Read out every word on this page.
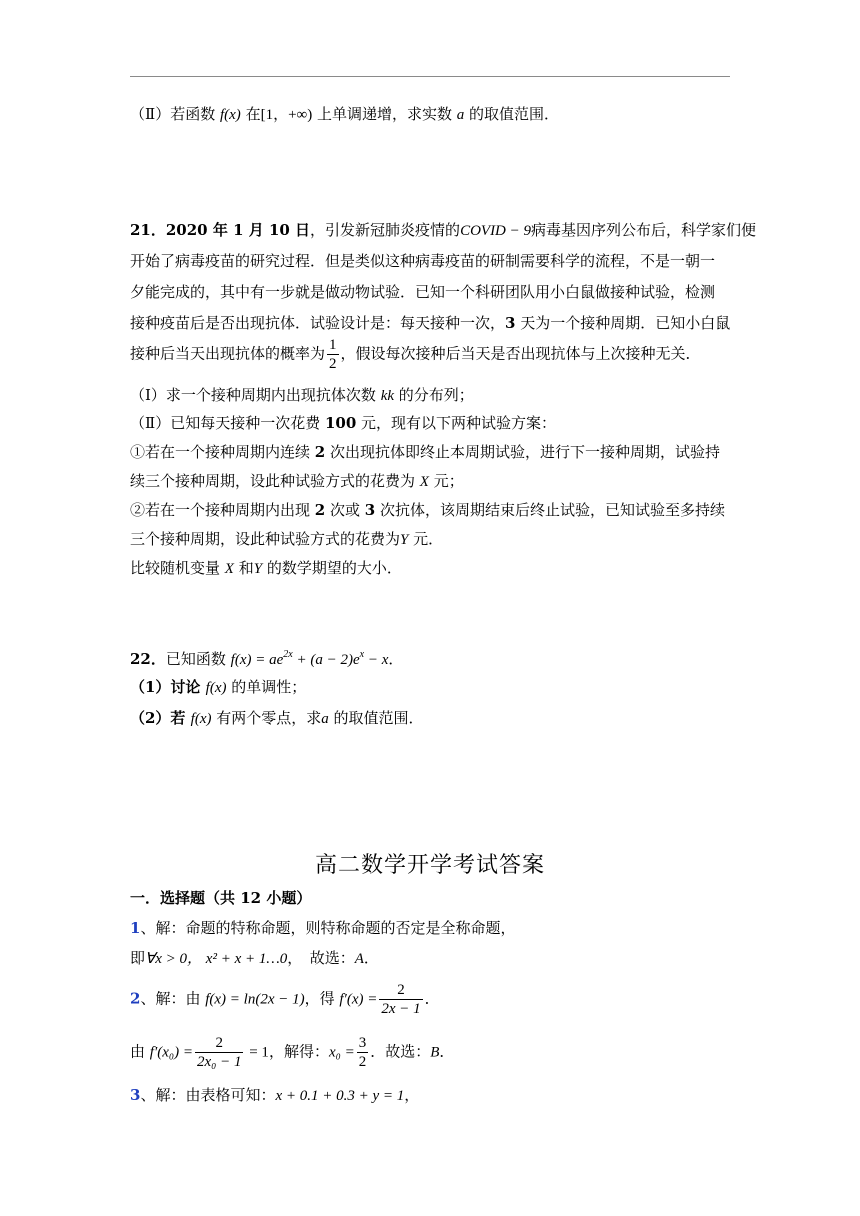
（Ⅱ）若函数 f(x) 在[1，+∞) 上单调递增，求实数 a 的取值范围．
21．2020 年 1 月 10 日，引发新冠肺炎疫情的COVID − 9病毒基因序列公布后，科学家们便
开始了病毒疫苗的研究过程．但是类似这种病毒疫苗的研制需要科学的流程，不是一朝一
夕能完成的，其中有一步就是做动物试验．已知一个科研团队用小白鼠做接种试验，检测
接种疫苗后是否出现抗体．试验设计是：每天接种一次，3 天为一个接种周期．已知小白鼠
接种后当天出现抗体的概率为 $\frac{1}{2}$ ，假设每次接种后当天是否出现抗体与上次接种无关．
（Ⅰ）求一个接种周期内出现抗体次数 kk 的分布列；
（Ⅱ）已知每天接种一次花费 100 元，现有以下两种试验方案：
①若在一个接种周期内连续 2 次出现抗体即终止本周期试验，进行下一接种周期，试验持
续三个接种周期，设此种试验方式的花费为 X 元；
②若在一个接种周期内出现 2 次或 3 次抗体，该周期结束后终止试验，已知试验至多持续
三个接种周期，设此种试验方式的花费为Y 元．
比较随机变量 X 和Y 的数学期望的大小．
22．已知函数 $f(x) = ae^{2x} + (a - 2)e^x - x$．
（1）讨论 f(x) 的单调性；
（2）若 f(x) 有两个零点，求a 的取值范围．
高二数学开学考试答案
一．选择题（共 12 小题）
1、解：命题的特称命题，则特称命题的否定是全称命题，
即∀x > 0， x² + x + 1…0，　故选：A．
2、解：由 f(x) = ln(2x − 1)，得 $f'(x) = \frac{2}{2x - 1}$ ．
由 $f'(x_0) = \frac{2}{\text{2x₀ − 1}} = 1$，解得：$x_0 = \frac{3}{2}$ ．故选：B．
3、解：由表格可知：x + 0.1 + 0.3 + y = 1，
